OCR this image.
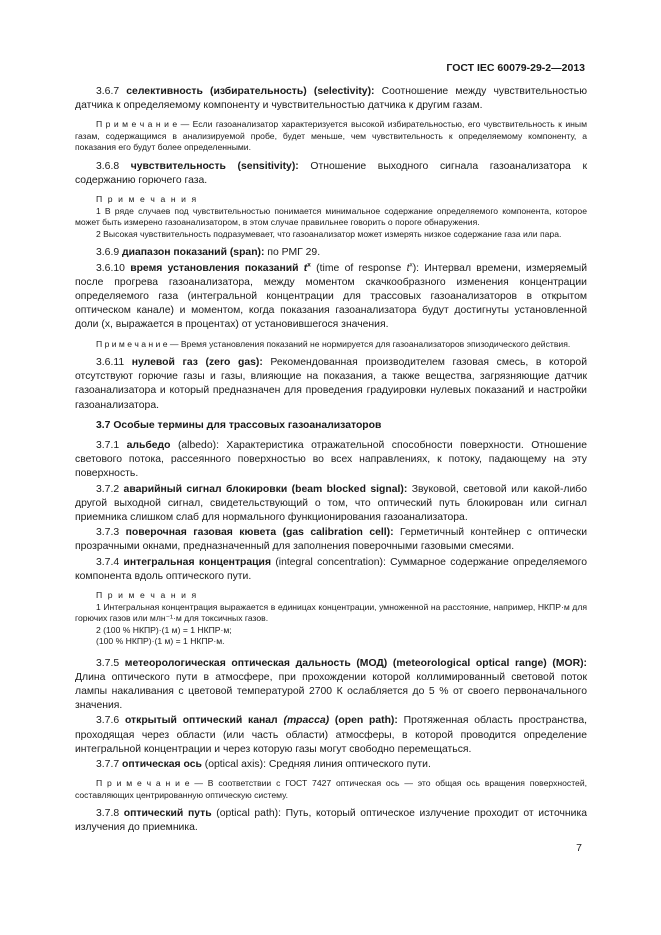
ГОСТ IEC 60079-29-2—2013

3.6.7 селективность (избирательность) (selectivity): Соотношение между чувствительностью датчика к определяемому компоненту и чувствительностью датчика к другим газам.

П р и м е ч а н и е — Если газоанализатор характеризуется высокой избирательностью, его чувствительность к иным газам, содержащимся в анализируемой пробе, будет меньше, чем чувствительность к определяемому компоненту, а показания его будут более определенными.

3.6.8 чувствительность (sensitivity): Отношение выходного сигнала газоанализатора к содержанию горючего газа.

П р и м е ч а н и я

1 В ряде случаев под чувствительностью понимается минимальное содержание определяемого компонента, которое может быть измерено газоанализатором, в этом случае правильнее говорить о пороге обнаружения.

2 Высокая чувствительность подразумевает, что газоанализатор может измерять низкое содержание газа или пара.

3.6.9 диапазон показаний (span): по РМГ 29.

3.6.10 время установления показаний $t^x$ (time of response $t^x$): Интервал времени, измеряемый после прогрева газоанализатора, между моментом скачкообразного изменения концентрации определяемого газа (интегральной концентрации для трассовых газоанализаторов в открытом оптическом канале) и моментом, когда показания газоанализатора будут достигнуты установленной доли (x, выражается в процентах) от установившегося значения.

П р и м е ч а н и е — Время установления показаний не нормируется для газоанализаторов эпизодического действия.

3.6.11 нулевой газ (zero gas): Рекомендованная производителем газовая смесь, в которой отсутствуют горючие газы и газы, влияющие на показания, а также вещества, загрязняющие датчик газоанализатора и который предназначен для проведения градуировки нулевых показаний и настройки газоанализатора.

3.7 Особые термины для трассовых газоанализаторов

3.7.1 альбедо (albedo): Характеристика отражательной способности поверхности. Отношение светового потока, рассеянного поверхностью во всех направлениях, к потоку, падающему на эту поверхность.

3.7.2 аварийный сигнал блокировки (beam blocked signal): Звуковой, световой или какой-либо другой выходной сигнал, свидетельствующий о том, что оптический путь блокирован или сигнал приемника слишком слаб для нормального функционирования газоанализатора.

3.7.3 поверочная газовая кювета (gas calibration cell): Герметичный контейнер с оптически прозрачными окнами, предназначенный для заполнения поверочными газовыми смесями.

3.7.4 интегральная концентрация (integral concentration): Суммарное содержание определяемого компонента вдоль оптического пути.

П р и м е ч а н и я

1 Интегральная концентрация выражается в единицах концентрации, умноженной на расстояние, например, НКПР·м для горючих газов или млн⁻¹·м для токсичных газов.

2 (100 % НКПР)·(1 м) = 1 НКПР·м;

(100 % НКПР)·(1 м) = 1 НКПР·м.

3.7.5 метеорологическая оптическая дальность (МОД) (meteorological optical range) (MOR): Длина оптического пути в атмосфере, при прохождении которой коллимированный световой поток лампы накаливания с цветовой температурой 2700 К ослабляется до 5 % от своего первоначального значения.

3.7.6 открытый оптический канал (трасса) (open path): Протяженная область пространства, проходящая через области (или часть области) атмосферы, в которой проводится определение интегральной концентрации и через которую газы могут свободно перемещаться.

3.7.7 оптическая ось (optical axis): Средняя линия оптического пути.

П р и м е ч а н и е — В соответствии с ГОСТ 7427 оптическая ось — это общая ось вращения поверхностей, составляющих центрированную оптическую систему.

3.7.8 оптический путь (optical path): Путь, который оптическое излучение проходит от источника излучения до приемника.

7
